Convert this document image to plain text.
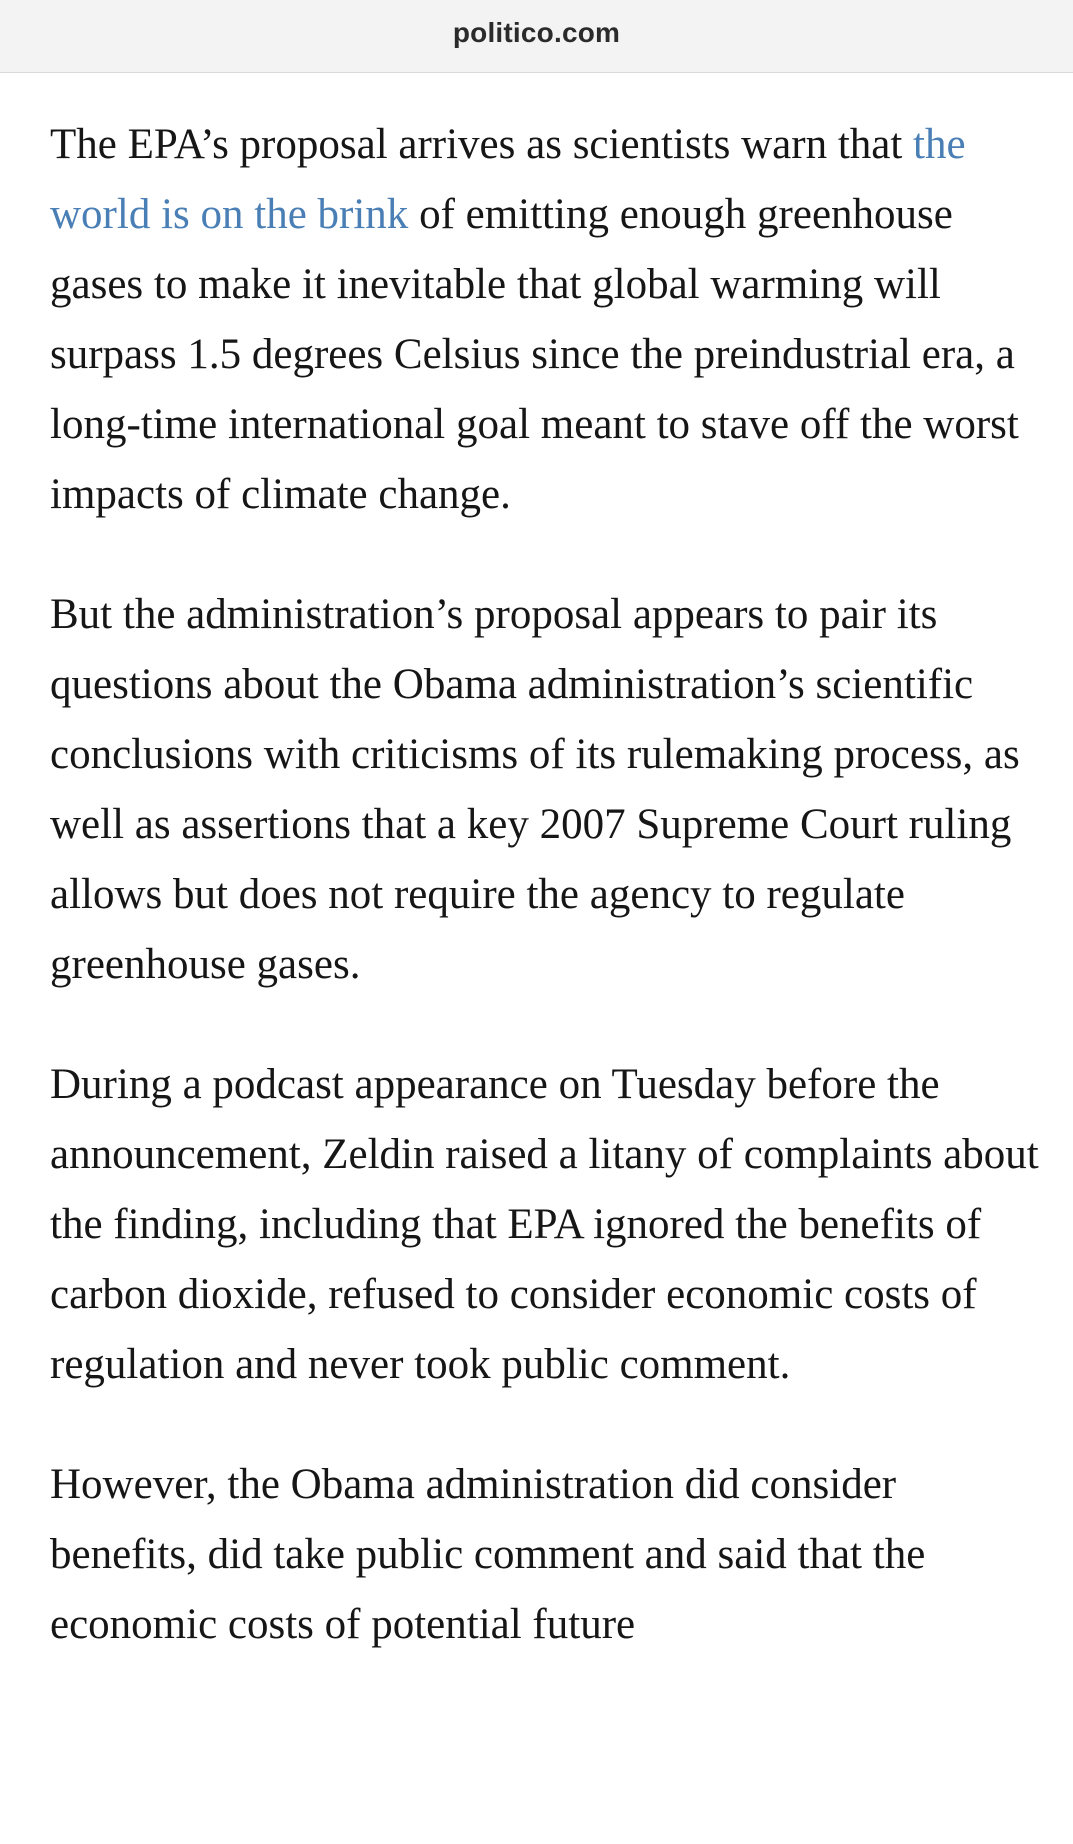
politico.com

The EPA’s proposal arrives as scientists warn that the world is on the brink of emitting enough greenhouse gases to make it inevitable that global warming will surpass 1.5 degrees Celsius since the preindustrial era, a long-time international goal meant to stave off the worst impacts of climate change.

But the administration’s proposal appears to pair its questions about the Obama administration’s scientific conclusions with criticisms of its rulemaking process, as well as assertions that a key 2007 Supreme Court ruling allows but does not require the agency to regulate greenhouse gases.

During a podcast appearance on Tuesday before the announcement, Zeldin raised a litany of complaints about the finding, including that EPA ignored the benefits of carbon dioxide, refused to consider economic costs of regulation and never took public comment.

However, the Obama administration did consider benefits, did take public comment and said that the economic costs of potential future
